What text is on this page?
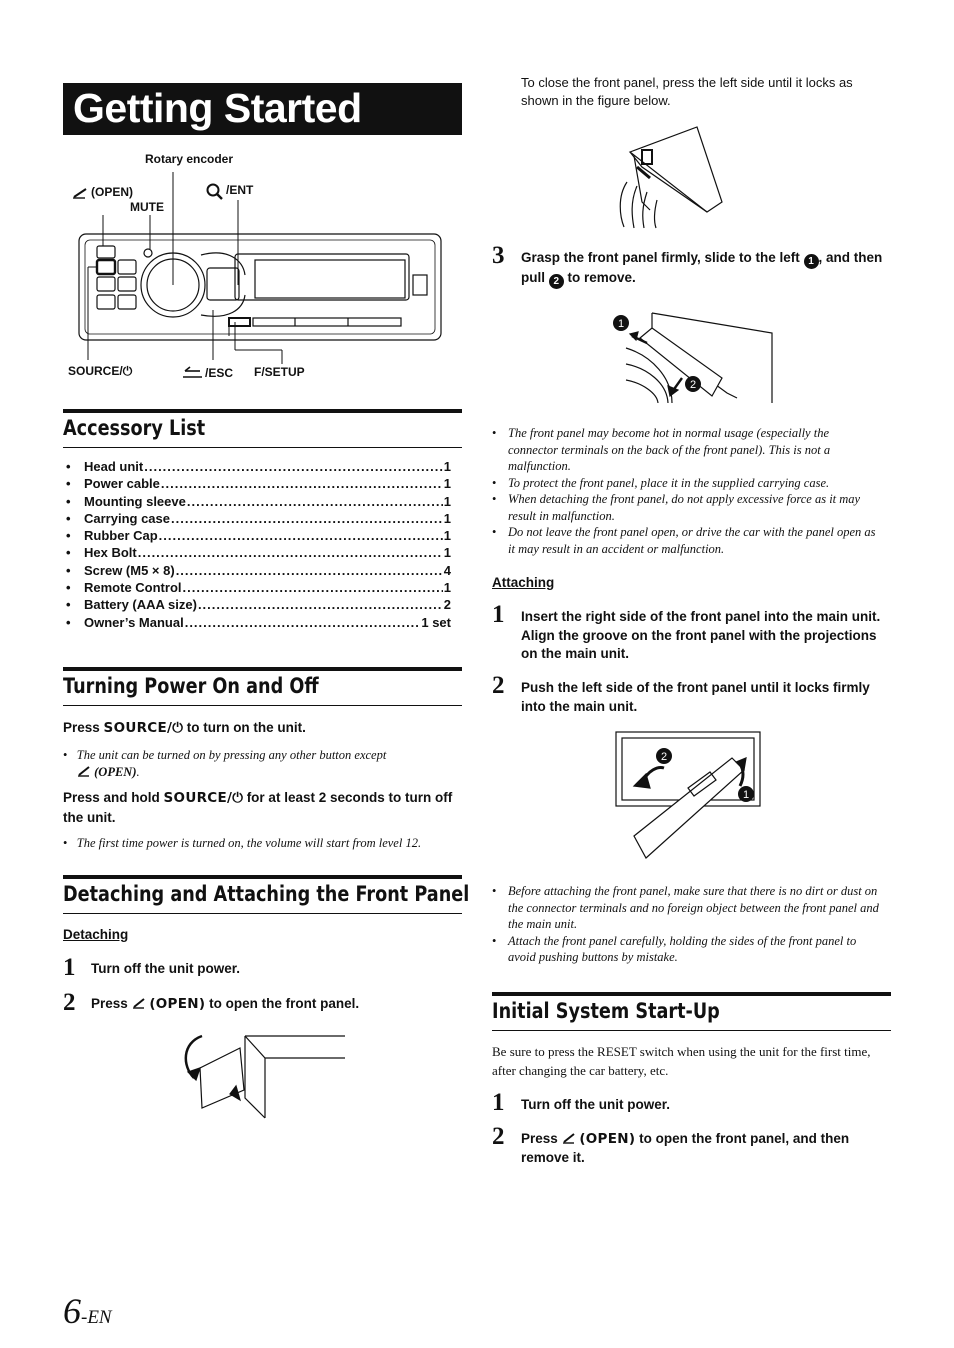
Getting Started
Rotary encoder
(OPEN)
MUTE
/ENT
SOURCE/⏻	/ESC F/SETUP
Accessory List
•	Head unit .....	1
•	Power cable .....	1
•	Mounting sleeve .....	1
•	Carrying case .....	1
•	Rubber Cap .....	1
•	Hex Bolt .....	1
•	Screw (M5 × 8) .....	4
•	Remote Control .....	1
•	Battery (AAA size) .....	2
•	Owner’s Manual .....	1 set
Turning Power On and Off
Press SOURCE/⏻ to turn on the unit.
•   The unit can be turned on by pressing any other button except
(OPEN).
Press and hold SOURCE/⏻ for at least 2 seconds to turn off the unit.
•   The first time power is turned on, the volume will start from level 12.
Detaching and Attaching the Front Panel
Detaching
1 Turn off the unit power.
2 Press  (OPEN) to open the front panel.
To close the front panel, press the left side until it locks as shown in the figure below.
3 Grasp the front panel firmly, slide to the left 1 , and then pull 2 to remove.
1
2
• The front panel may become hot in normal usage (especially the connector terminals on the back of the front panel). This is not a malfunction.
• To protect the front panel, place it in the supplied carrying case.
• When detaching the front panel, do not apply excessive force as it may result in malfunction.
• Do not leave the front panel open, or drive the car with the panel open as it may result in an accident or malfunction.
Attaching
1 Insert the right side of the front panel into the main unit. Align the groove on the front panel with the projections on the main unit.
2 Push the left side of the front panel until it locks firmly into the main unit.
2
1
• Before attaching the front panel, make sure that there is no dirt or dust on the connector terminals and no foreign object between the front panel and the main unit.
• Attach the front panel carefully, holding the sides of the front panel to avoid pushing buttons by mistake.
Initial System Start-Up
Be sure to press the RESET switch when using the unit for the first time, after changing the car battery, etc.
1 Turn off the unit power.
2 Press  (OPEN) to open the front panel, and then remove it.
6-EN
